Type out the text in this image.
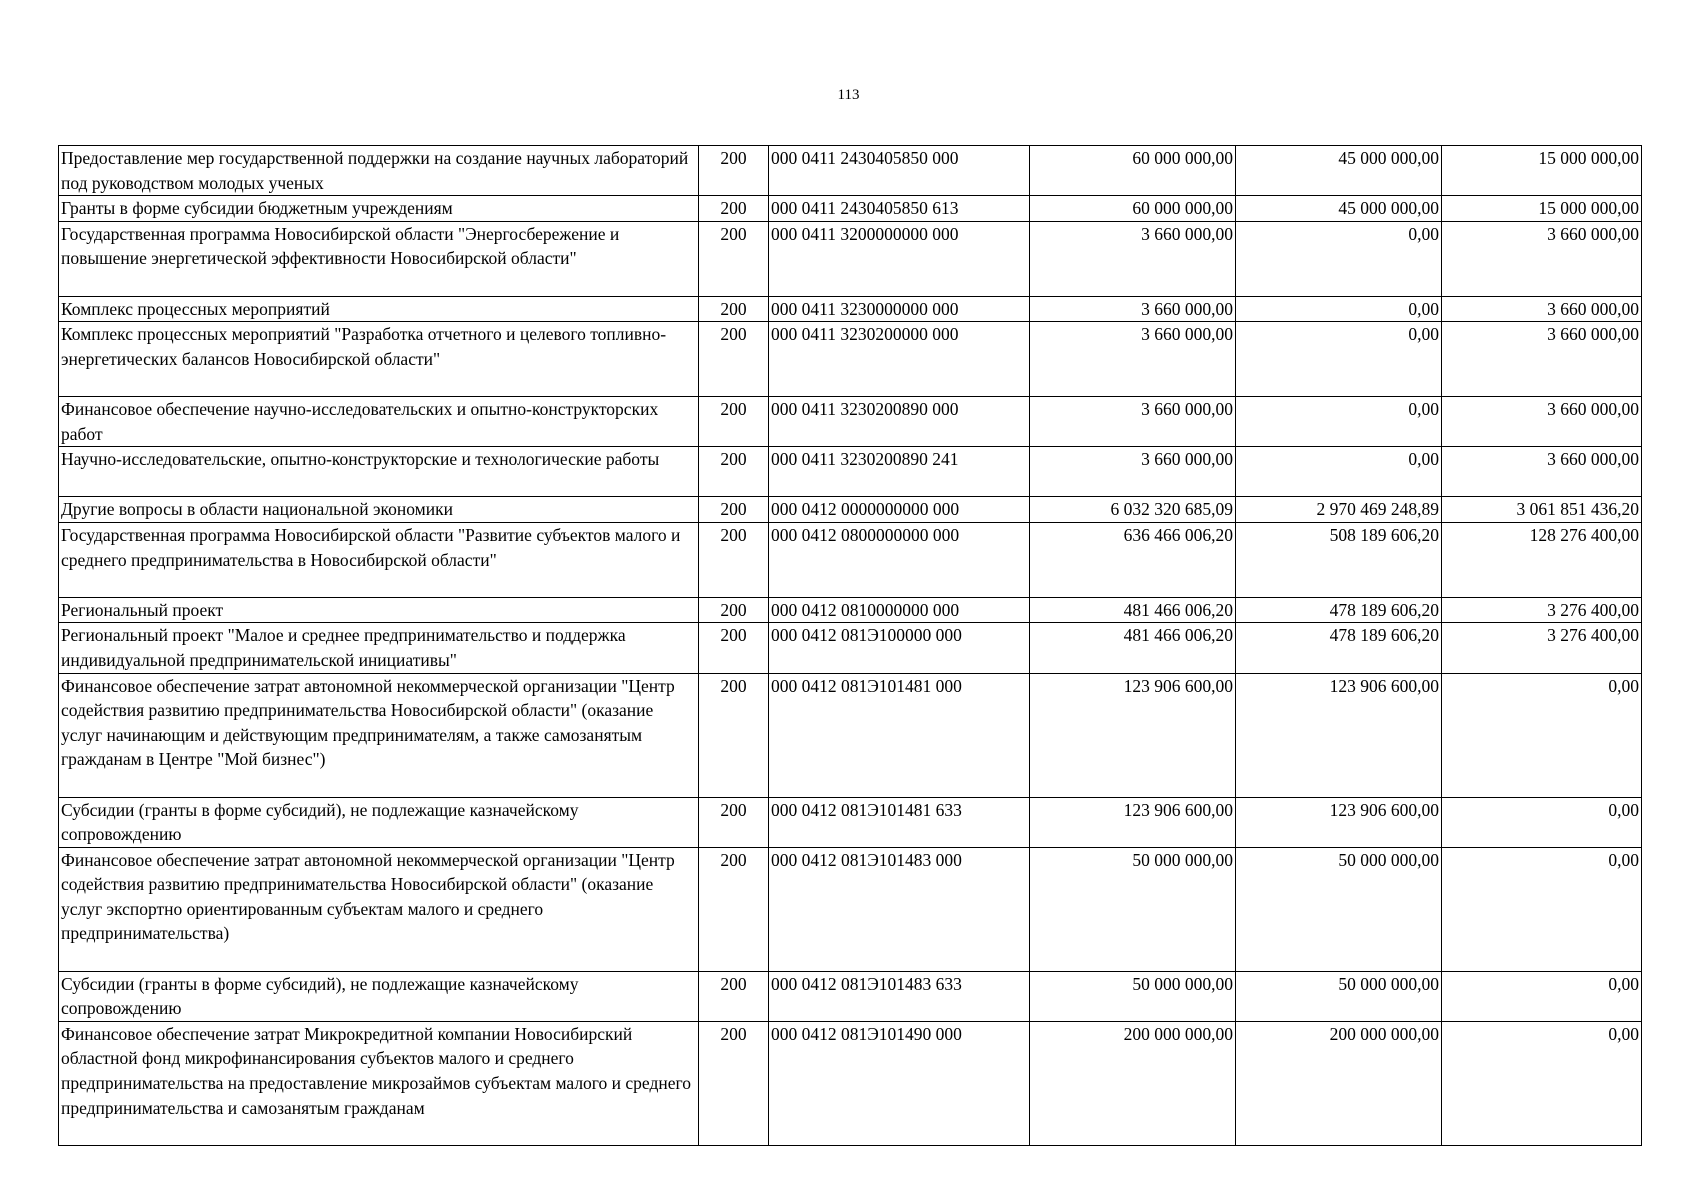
113
Предоставление мер государственной поддержки на создание научных лабораторий под руководством молодых ученых	200	000 0411 2430405850 000	60 000 000,00	45 000 000,00	15 000 000,00
Гранты в форме субсидии бюджетным учреждениям	200	000 0411 2430405850 613	60 000 000,00	45 000 000,00	15 000 000,00
Государственная программа Новосибирской области "Энергосбережение и повышение энергетической эффективности Новосибирской области"	200	000 0411 3200000000 000	3 660 000,00	0,00	3 660 000,00
Комплекс процессных мероприятий	200	000 0411 3230000000 000	3 660 000,00	0,00	3 660 000,00
Комплекс процессных мероприятий "Разработка отчетного и целевого топливно-энергетических балансов Новосибирской области"	200	000 0411 3230200000 000	3 660 000,00	0,00	3 660 000,00
Финансовое обеспечение научно-исследовательских и опытно-конструкторских работ	200	000 0411 3230200890 000	3 660 000,00	0,00	3 660 000,00
Научно-исследовательские, опытно-конструкторские и технологические работы	200	000 0411 3230200890 241	3 660 000,00	0,00	3 660 000,00
Другие вопросы в области национальной экономики	200	000 0412 0000000000 000	6 032 320 685,09	2 970 469 248,89	3 061 851 436,20
Государственная программа Новосибирской области "Развитие субъектов малого и среднего предпринимательства в Новосибирской области"	200	000 0412 0800000000 000	636 466 006,20	508 189 606,20	128 276 400,00
Региональный проект	200	000 0412 0810000000 000	481 466 006,20	478 189 606,20	3 276 400,00
Региональный проект "Малое и среднее предпринимательство и поддержка индивидуальной предпринимательской инициативы"	200	000 0412 081Э100000 000	481 466 006,20	478 189 606,20	3 276 400,00
Финансовое обеспечение затрат автономной некоммерческой организации "Центр содействия развитию предпринимательства Новосибирской области" (оказание услуг начинающим и действующим предпринимателям, а также самозанятым гражданам в Центре "Мой бизнес")	200	000 0412 081Э101481 000	123 906 600,00	123 906 600,00	0,00
Субсидии (гранты в форме субсидий), не подлежащие казначейскому сопровождению	200	000 0412 081Э101481 633	123 906 600,00	123 906 600,00	0,00
Финансовое обеспечение затрат автономной некоммерческой организации "Центр содействия развитию предпринимательства Новосибирской области" (оказание услуг экспортно ориентированным субъектам малого и среднего предпринимательства)	200	000 0412 081Э101483 000	50 000 000,00	50 000 000,00	0,00
Субсидии (гранты в форме субсидий), не подлежащие казначейскому сопровождению	200	000 0412 081Э101483 633	50 000 000,00	50 000 000,00	0,00
Финансовое обеспечение затрат Микрокредитной компании Новосибирский областной фонд микрофинансирования субъектов малого и среднего предпринимательства на предоставление микрозаймов субъектам малого и среднего предпринимательства и самозанятым гражданам	200	000 0412 081Э101490 000	200 000 000,00	200 000 000,00	0,00
